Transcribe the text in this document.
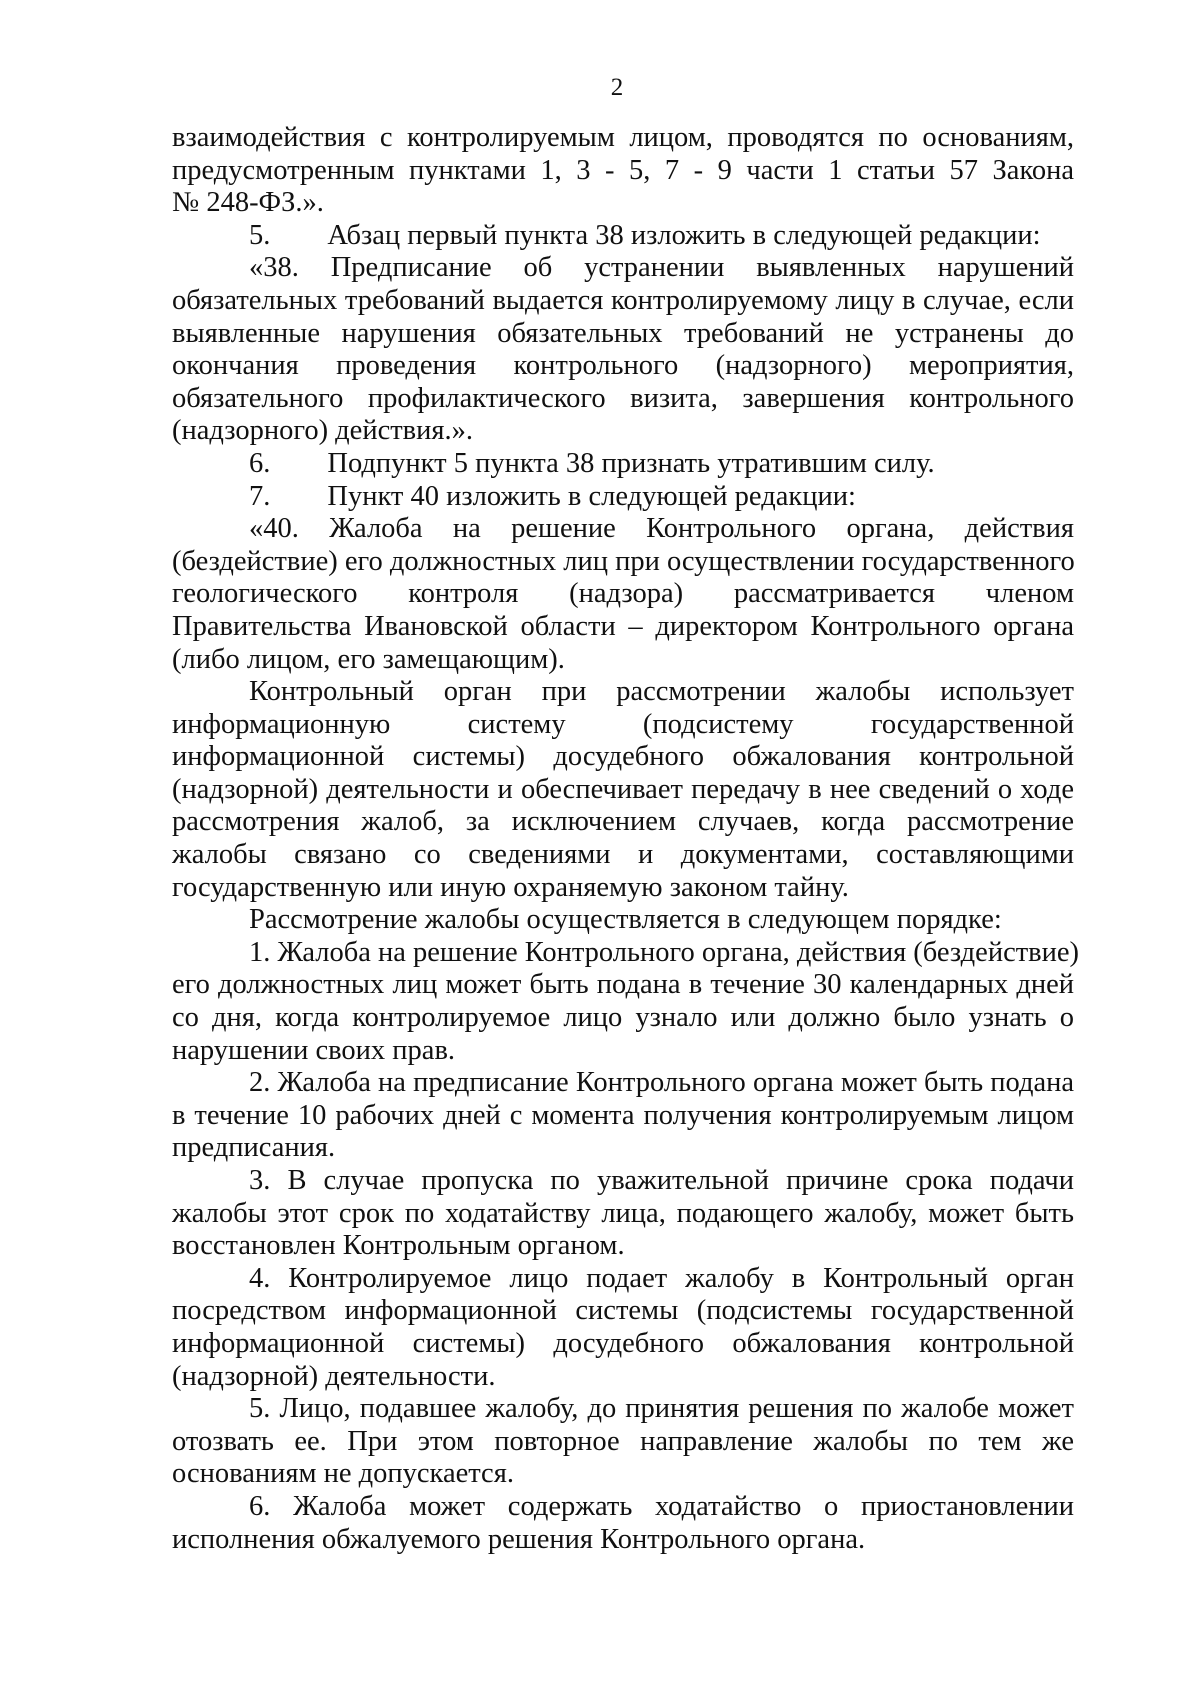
2
взаимодействия с контролируемым лицом, проводятся по основаниям,
предусмотренным пунктами 1, 3 - 5, 7 - 9 части 1 статьи 57 Закона
№ 248-ФЗ.».
5.  Абзац первый пункта 38 изложить в следующей редакции:
«38. Предписание об устранении выявленных нарушений
обязательных требований выдается контролируемому лицу в случае, если
выявленные нарушения обязательных требований не устранены до
окончания проведения контрольного (надзорного) мероприятия,
обязательного профилактического визита, завершения контрольного
(надзорного) действия.».
6.  Подпункт 5 пункта 38 признать утратившим силу.
7.  Пункт 40 изложить в следующей редакции:
«40. Жалоба на решение Контрольного органа, действия
(бездействие) его должностных лиц при осуществлении государственного
геологического контроля (надзора) рассматривается членом
Правительства Ивановской области – директором Контрольного органа
(либо лицом, его замещающим).
Контрольный орган при рассмотрении жалобы использует
информационную систему (подсистему государственной
информационной системы) досудебного обжалования контрольной
(надзорной) деятельности и обеспечивает передачу в нее сведений о ходе
рассмотрения жалоб, за исключением случаев, когда рассмотрение
жалобы связано со сведениями и документами, составляющими
государственную или иную охраняемую законом тайну.
Рассмотрение жалобы осуществляется в следующем порядке:
1. Жалоба на решение Контрольного органа, действия (бездействие)
его должностных лиц может быть подана в течение 30 календарных дней
со дня, когда контролируемое лицо узнало или должно было узнать о
нарушении своих прав.
2. Жалоба на предписание Контрольного органа может быть подана
в течение 10 рабочих дней с момента получения контролируемым лицом
предписания.
3. В случае пропуска по уважительной причине срока подачи
жалобы этот срок по ходатайству лица, подающего жалобу, может быть
восстановлен Контрольным органом.
4. Контролируемое лицо подает жалобу в Контрольный орган
посредством информационной системы (подсистемы государственной
информационной системы) досудебного обжалования контрольной
(надзорной) деятельности.
5. Лицо, подавшее жалобу, до принятия решения по жалобе может
отозвать ее. При этом повторное направление жалобы по тем же
основаниям не допускается.
6. Жалоба может содержать ходатайство о приостановлении
исполнения обжалуемого решения Контрольного органа.
